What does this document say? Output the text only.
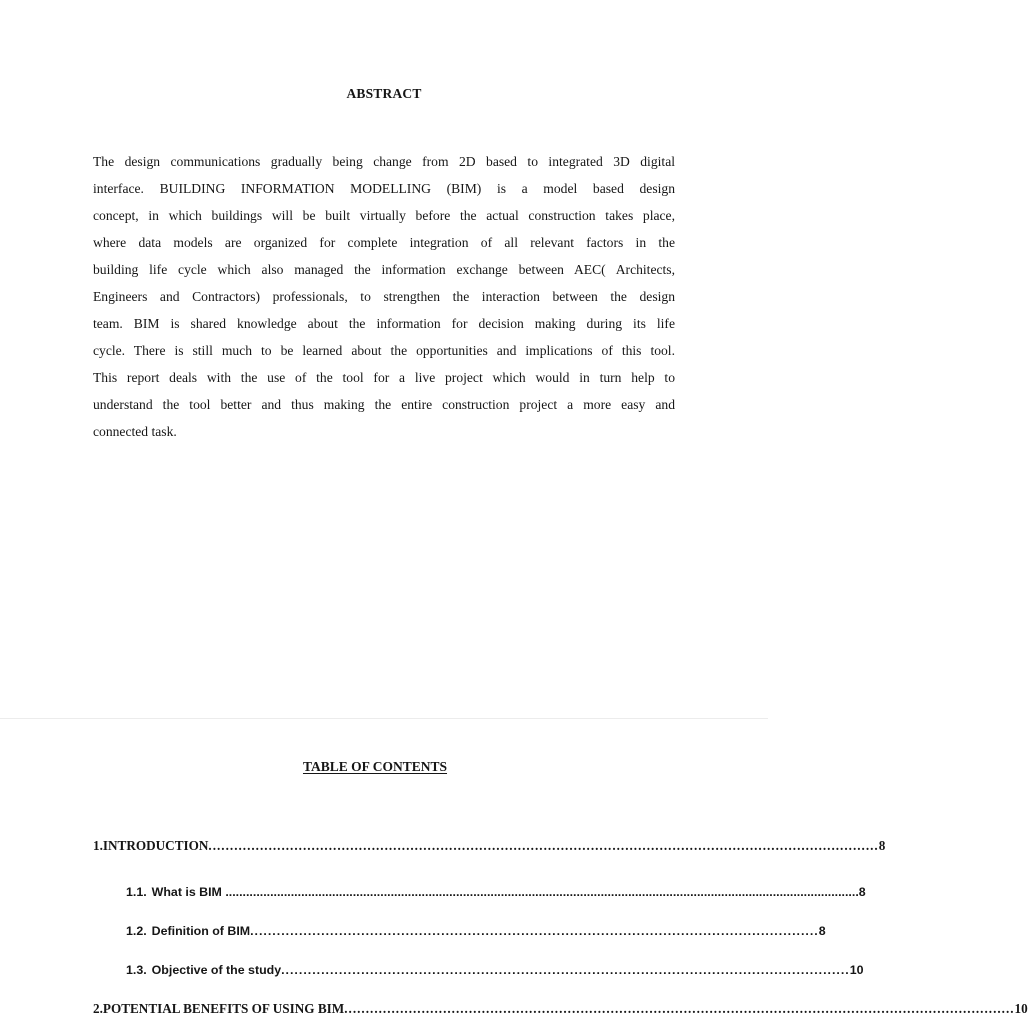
ABSTRACT

The design communications gradually being change from 2D based to integrated 3D digital
interface. BUILDING INFORMATION MODELLING (BIM) is a model based design
concept, in which buildings will be built virtually before the actual construction takes place,
where data models are organized for complete integration of all relevant factors in the
building life cycle which also managed the information exchange between AEC( Architects,
Engineers and Contractors) professionals, to strengthen the interaction between the design
team. BIM is shared knowledge about the information for decision making during its life
cycle. There is still much to be learned about the opportunities and implications of this tool.
This report deals with the use of the tool for a live project which would in turn help to
understand the tool better and thus making the entire construction project a more easy and
connected task.

TABLE OF CONTENTS
1. INTRODUCTION ............................................................................................................................................................ 8
1.1. What is BIM ........................................................................................................................................................................................ 8
1.2. Definition of BIM ................................................................................................................................ 8
1.3. Objective of the study ................................................................................................................................ 10
2. POTENTIAL BENEFITS OF USING BIM ............................................................................................................................................................ 10
